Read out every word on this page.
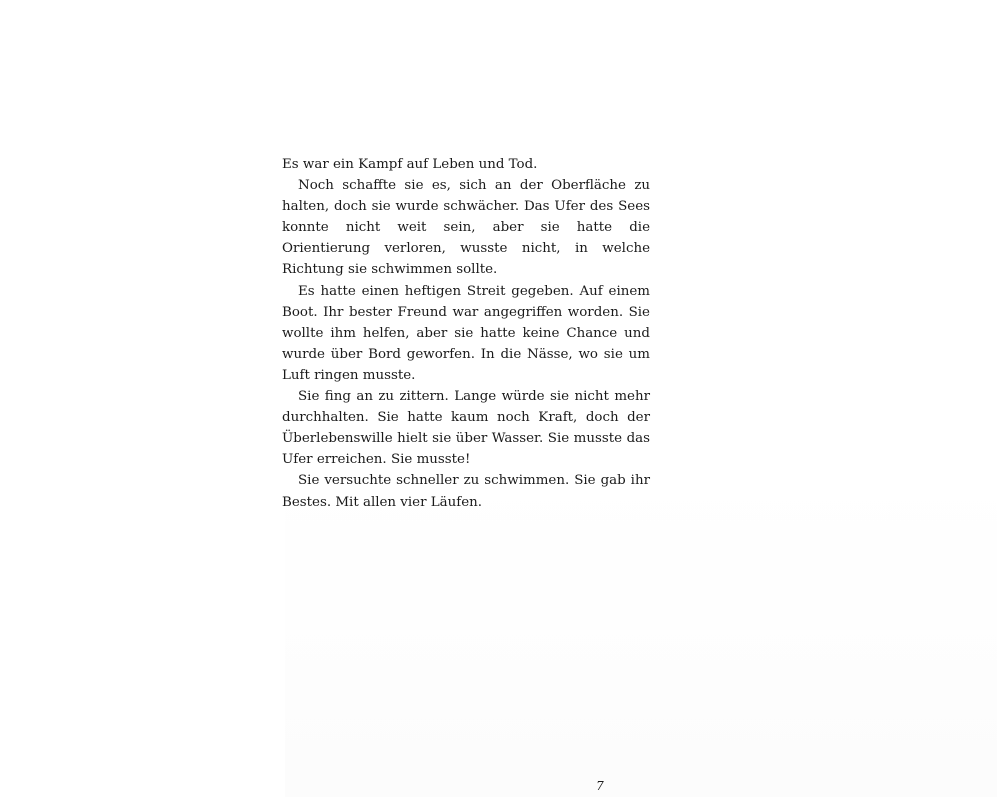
Es war ein Kampf auf Leben und Tod.

Noch schaffte sie es, sich an der Oberfläche zu halten, doch sie wurde schwächer. Das Ufer des Sees konnte nicht weit sein, aber sie hatte die Orientierung verloren, wusste nicht, in welche Richtung sie schwimmen sollte.

Es hatte einen heftigen Streit gegeben. Auf einem Boot. Ihr bester Freund war angegriffen worden. Sie wollte ihm helfen, aber sie hatte keine Chance und wurde über Bord geworfen. In die Nässe, wo sie um Luft ringen musste.

Sie fing an zu zittern. Lange würde sie nicht mehr durchhalten. Sie hatte kaum noch Kraft, doch der Überlebenswille hielt sie über Wasser. Sie musste das Ufer erreichen. Sie musste!

Sie versuchte schneller zu schwimmen. Sie gab ihr Bestes. Mit allen vier Läufen.

7
